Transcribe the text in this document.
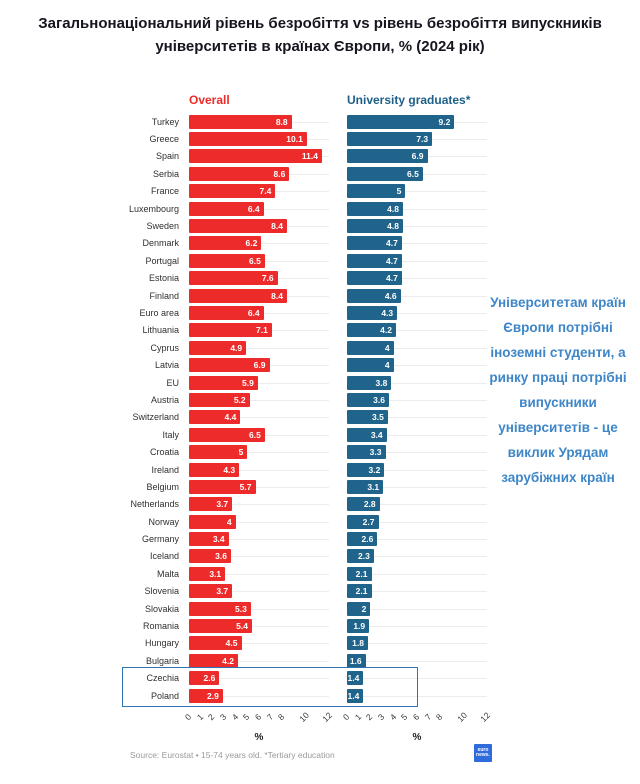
Загальнонаціональний рівень безробіття vs рівень безробіття випускників
університетів в країнах Європи, % (2024 рік)
Overall	University graduates*
Turkey	8.8	9.2
Greece	10.1	7.3
Spain	11.4	6.9
Serbia	8.6	6.5
France	7.4	5
Luxembourg	6.4	4.8
Sweden	8.4	4.8
Denmark	6.2	4.7
Portugal	6.5	4.7
Estonia	7.6	4.7
Finland	8.4	4.6
Euro area	6.4	4.3
Lithuania	7.1	4.2
Cyprus	4.9	4
Latvia	6.9	4
EU	5.9	3.8
Austria	5.2	3.6
Switzerland	4.4	3.5
Italy	6.5	3.4
Croatia	5	3.3
Ireland	4.3	3.2
Belgium	5.7	3.1
Netherlands	3.7	2.8
Norway	4	2.7
Germany	3.4	2.6
Iceland	3.6	2.3
Malta	3.1	2.1
Slovenia	3.7	2.1
Slovakia	5.3	2
Romania	5.4	1.9
Hungary	4.5	1.8
Bulgaria	4.2	1.6
Czechia	2.6	1.4
Poland	2.9	1.4
0 1 2 3 4 5 6 7 8 10 12 0 1 2 3 4 5 6 7 8 10 12
%	%
Університетам країн Європи потрібні іноземні студенти, а ринку праці потрібні випускники університетів - це виклик Урядам зарубіжних країн
Source: Eurostat • 15-74 years old. *Tertiary education
euro
news.
